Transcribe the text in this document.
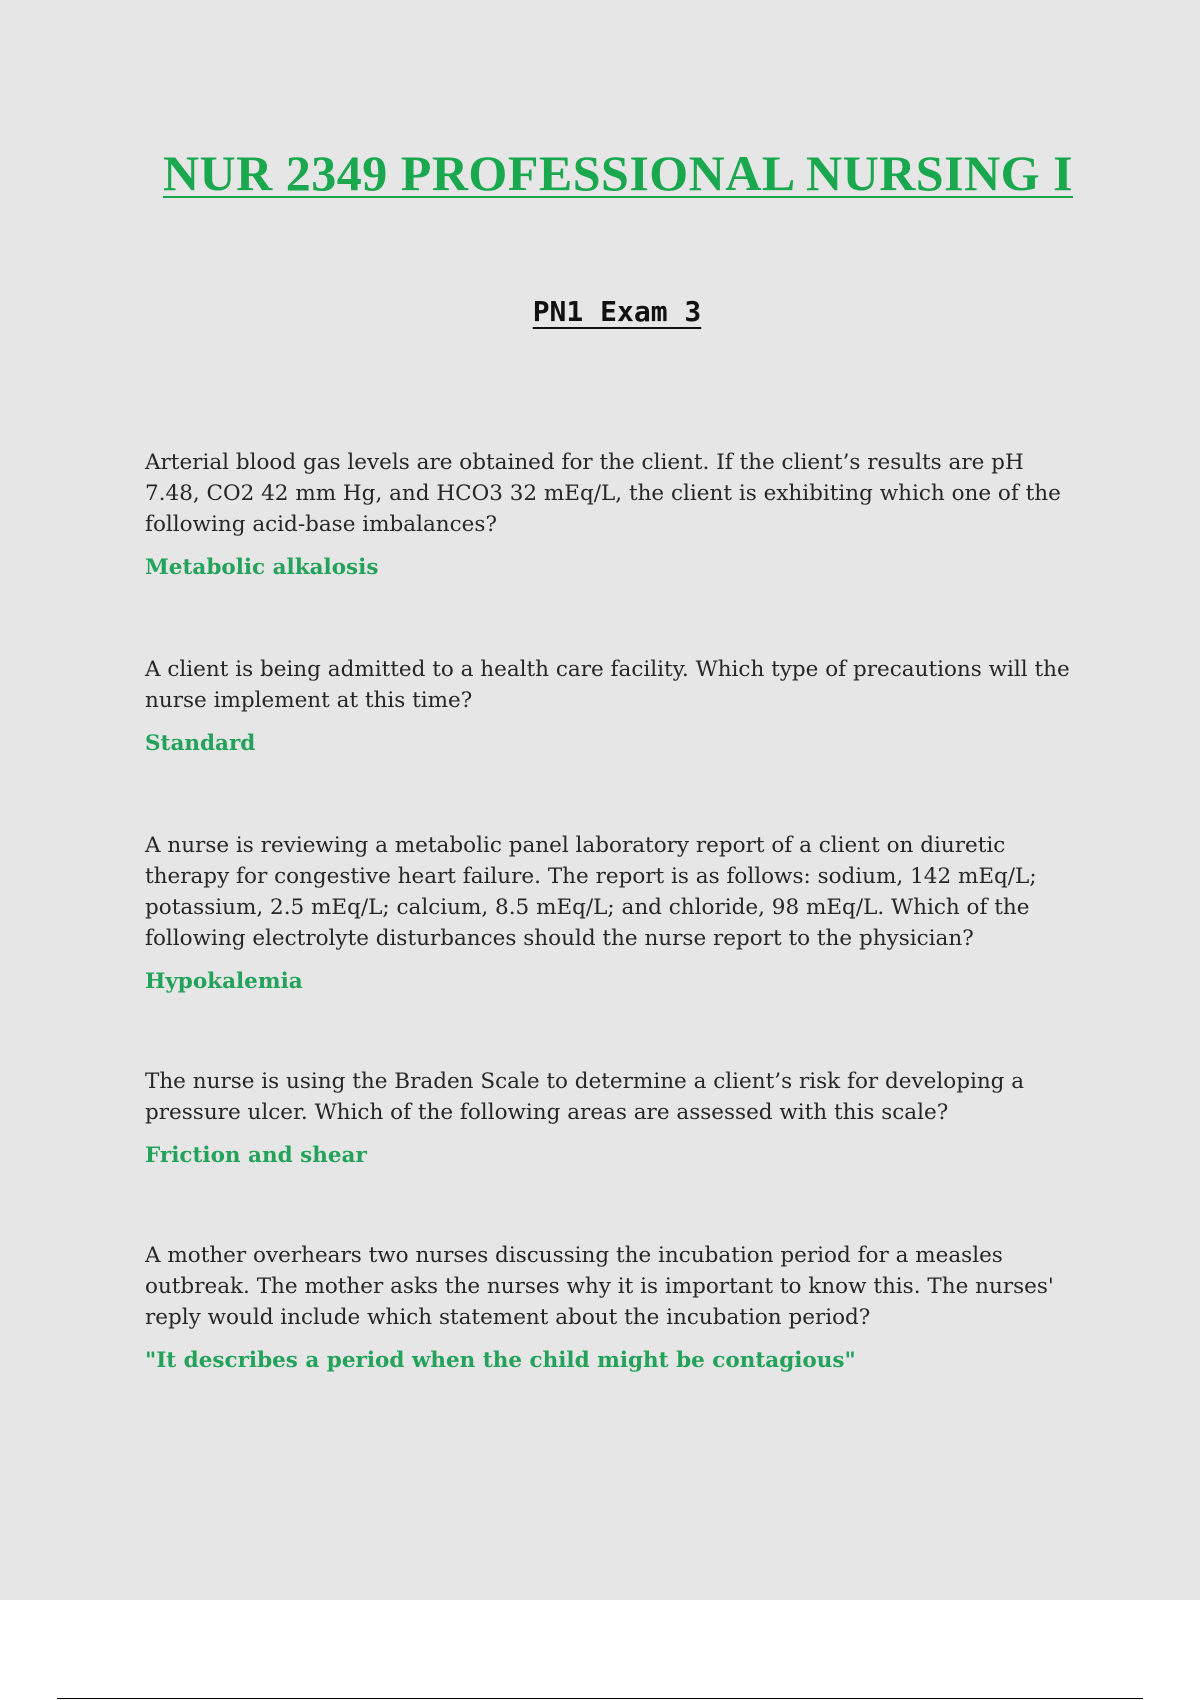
NUR 2349 PROFESSIONAL NURSING I
PN1 Exam 3

Arterial blood gas levels are obtained for the client. If the client’s results are pH 7.48, CO2 42 mm Hg, and HCO3 32 mEq/L, the client is exhibiting which one of the following acid-base imbalances?

Metabolic alkalosis

A client is being admitted to a health care facility. Which type of precautions will the nurse implement at this time?

Standard

A nurse is reviewing a metabolic panel laboratory report of a client on diuretic therapy for congestive heart failure. The report is as follows: sodium, 142 mEq/L; potassium, 2.5 mEq/L; calcium, 8.5 mEq/L; and chloride, 98 mEq/L. Which of the following electrolyte disturbances should the nurse report to the physician?

Hypokalemia

The nurse is using the Braden Scale to determine a client’s risk for developing a pressure ulcer. Which of the following areas are assessed with this scale?

Friction and shear

A mother overhears two nurses discussing the incubation period for a measles outbreak. The mother asks the nurses why it is important to know this. The nurses' reply would include which statement about the incubation period?

"It describes a period when the child might be contagious"
